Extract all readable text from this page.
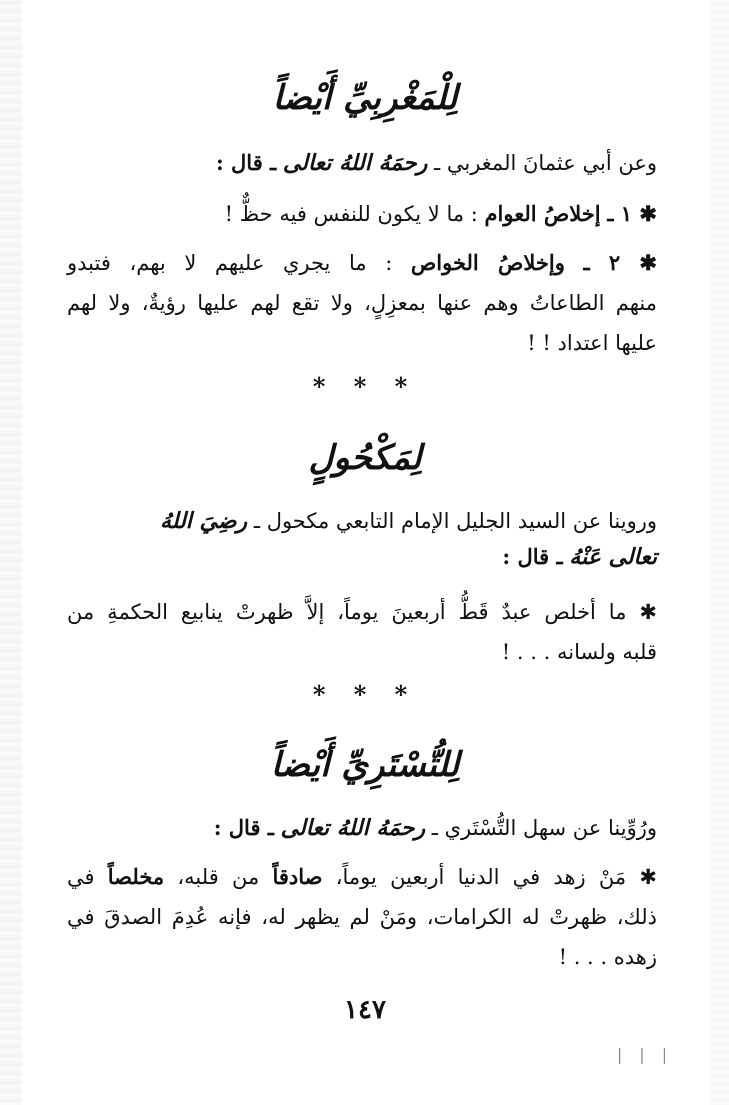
لِلْمَغْرِبِيِّ أَيْضاً
وعن أبي عثمانَ المغربي ـ رحمَهُ اللهُ تعالى ـ قال :
✱ ١ ـ إخلاصُ العوام : ما لا يكون للنفس فيه حظٌّ !
✱ ٢ ـ وإخلاصُ الخواص : ما يجري عليهم لا بهم، فتبدو
منهم الطاعاتُ وهم عنها بمعزِلٍ، ولا تقع لهم عليها رؤيةٌ، ولا لهم
عليها اعتداد ! !
* * *
لِمَكْحُولٍ
وروينا عن السيد الجليل الإمام التابعي مكحول ـ رضِيَ اللهُ
تعالى عَنْهُ ـ قال :
✱ ما أخلص عبدٌ قَطُّ أربعينَ يوماً، إلاَّ ظهرتْ ينابيع الحكمةِ من
قلبه ولسانه . . . !
* * *
لِلتُّسْتَرِيِّ أَيْضاً
ورُوِّينا عن سهل التُّسْتَري ـ رحمَهُ اللهُ تعالى ـ قال :
✱ مَنْ زهد في الدنيا أربعين يوماً، صادقاً من قلبه، مخلصاً في
ذلك، ظهرتْ له الكرامات، ومَنْ لم يظهر له، فإنه عُدِمَ الصدقَ في
زهده . . . !
١٤٧
| | |
